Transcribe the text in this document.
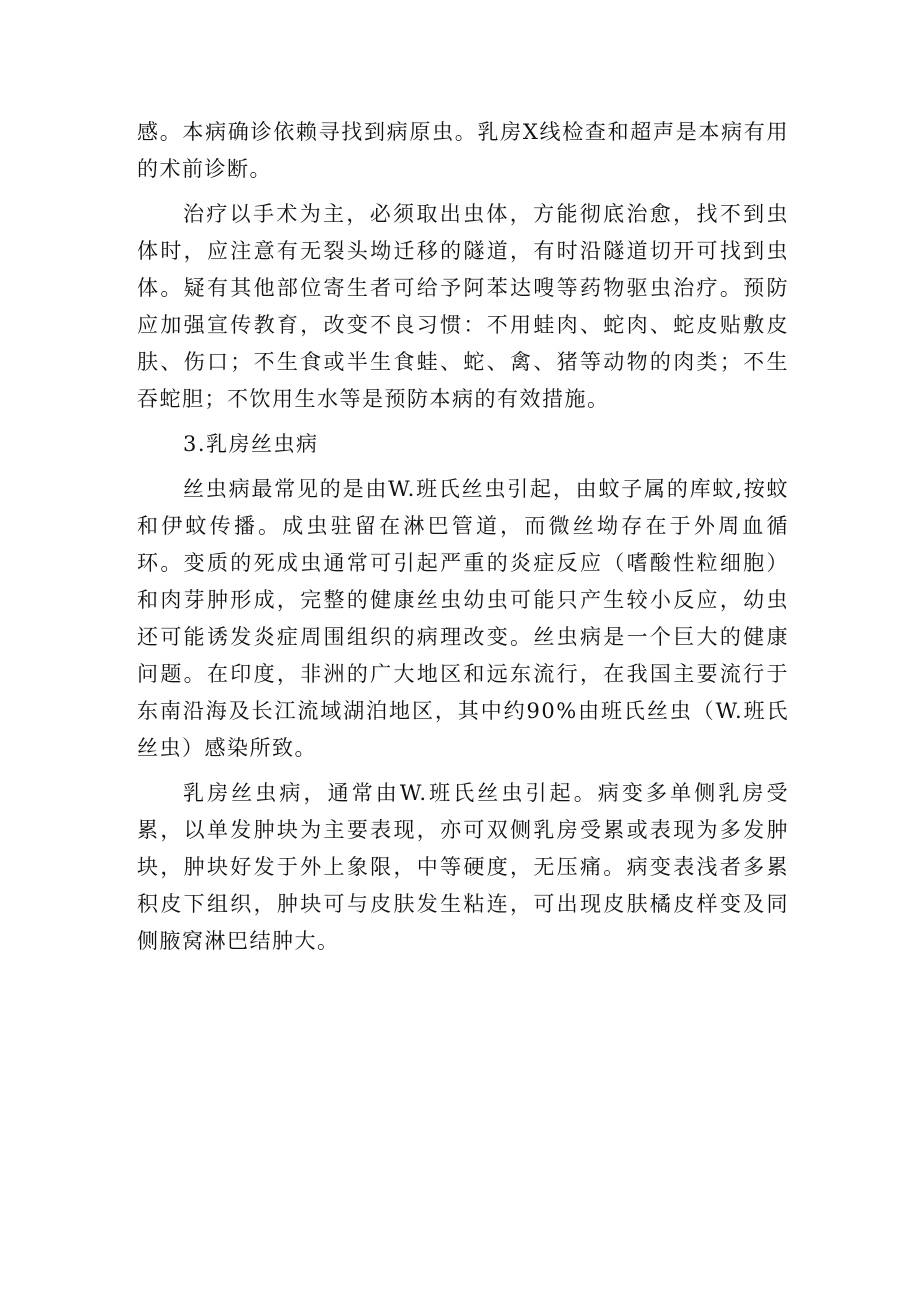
感。本病确诊依赖寻找到病原虫。乳房X线检查和超声是本病有用的术前诊断。

治疗以手术为主，必须取出虫体，方能彻底治愈，找不到虫体时，应注意有无裂头坳迁移的隧道，有时沿隧道切开可找到虫体。疑有其他部位寄生者可给予阿苯达嗖等药物驱虫治疗。预防应加强宣传教育，改变不良习惯：不用蛙肉、蛇肉、蛇皮贴敷皮肤、伤口；不生食或半生食蛙、蛇、禽、猪等动物的肉类；不生吞蛇胆；不饮用生水等是预防本病的有效措施。

3.乳房丝虫病

丝虫病最常见的是由W.班氏丝虫引起，由蚊子属的库蚊,按蚊和伊蚊传播。成虫驻留在淋巴管道，而微丝坳存在于外周血循环。变质的死成虫通常可引起严重的炎症反应（嗜酸性粒细胞）和肉芽肿形成，完整的健康丝虫幼虫可能只产生较小反应，幼虫还可能诱发炎症周围组织的病理改变。丝虫病是一个巨大的健康问题。在印度，非洲的广大地区和远东流行，在我国主要流行于东南沿海及长江流域湖泊地区，其中约90%由班氏丝虫（W.班氏丝虫）感染所致。

乳房丝虫病，通常由W.班氏丝虫引起。病变多单侧乳房受累，以单发肿块为主要表现，亦可双侧乳房受累或表现为多发肿块，肿块好发于外上象限，中等硬度，无压痛。病变表浅者多累积皮下组织，肿块可与皮肤发生粘连，可出现皮肤橘皮样变及同侧腋窝淋巴结肿大。
